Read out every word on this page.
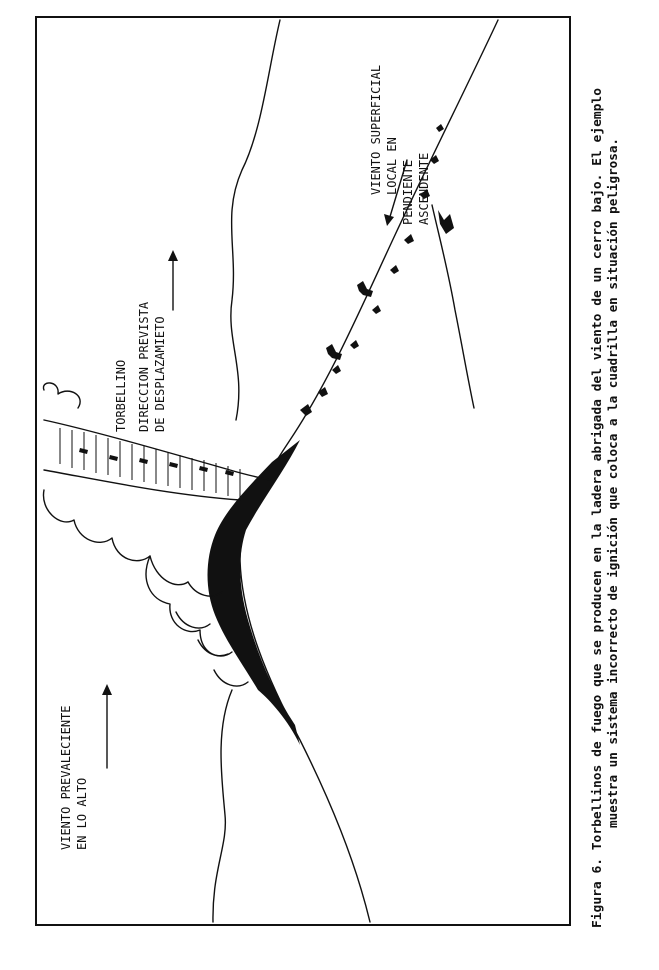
VIENTO PREVALECIENTE EN LO ALTO
TORBELLINO DIRECCION PREVISTA DE DESPLAZAMIETO
VIENTO SUPERFICIAL LOCAL EN PENDIENTE ASCENDENTE	Figura 6. Torbellinos de fuego que se producen en la ladera abrigada del viento de un cerro bajo. El ejemplo muestra un sistema incorrecto de ignición que coloca a la cuadrilla en situación peligrosa.
